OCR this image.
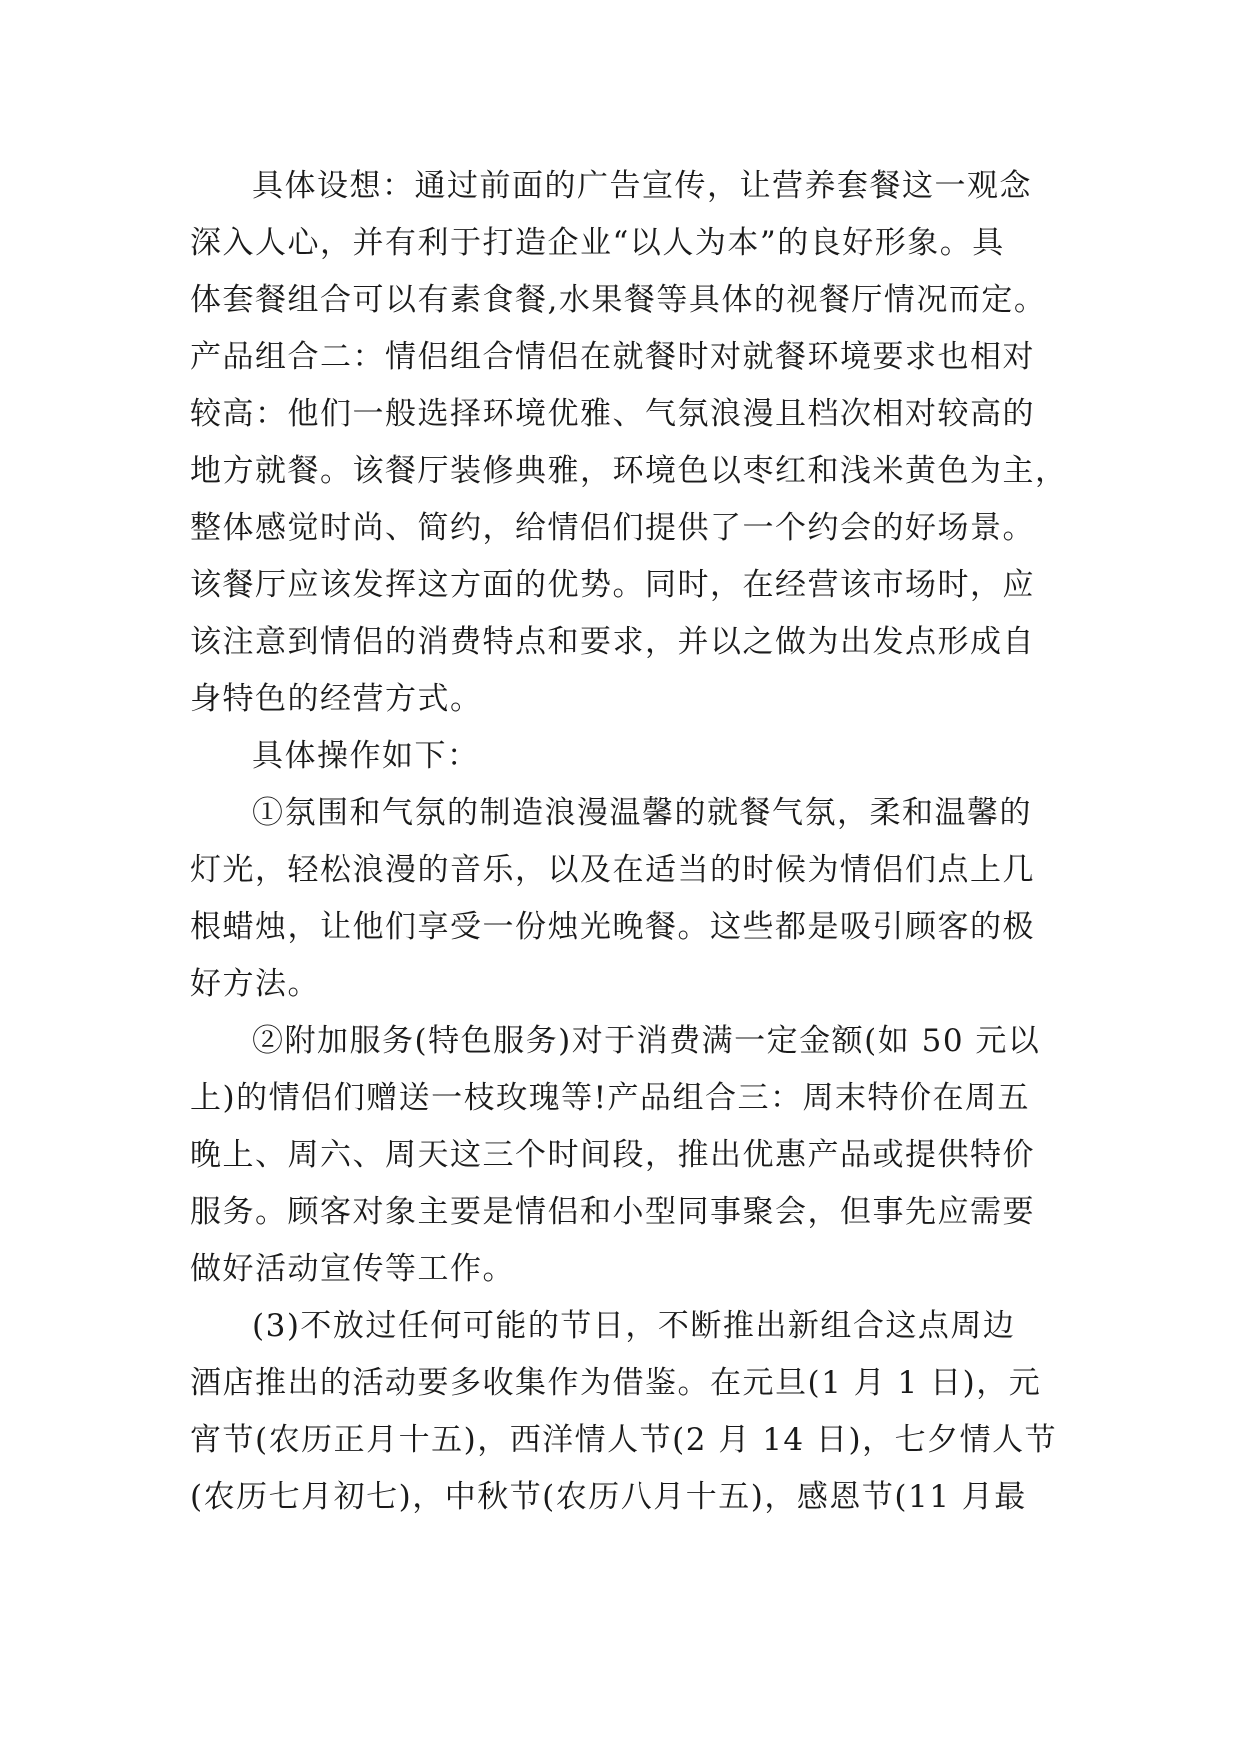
具体设想：通过前面的广告宣传，让营养套餐这一观念
深入人心，并有利于打造企业“以人为本”的良好形象。具
体套餐组合可以有素食餐,水果餐等具体的视餐厅情况而定。
产品组合二：情侣组合情侣在就餐时对就餐环境要求也相对
较高：他们一般选择环境优雅、气氛浪漫且档次相对较高的
地方就餐。该餐厅装修典雅，环境色以枣红和浅米黄色为主，
整体感觉时尚、简约，给情侣们提供了一个约会的好场景。
该餐厅应该发挥这方面的优势。同时，在经营该市场时，应
该注意到情侣的消费特点和要求，并以之做为出发点形成自
身特色的经营方式。
具体操作如下：
①氛围和气氛的制造浪漫温馨的就餐气氛，柔和温馨的
灯光，轻松浪漫的音乐，以及在适当的时候为情侣们点上几
根蜡烛，让他们享受一份烛光晚餐。这些都是吸引顾客的极
好方法。
②附加服务(特色服务)对于消费满一定金额(如 50 元以
上)的情侣们赠送一枝玫瑰等!产品组合三：周末特价在周五
晚上、周六、周天这三个时间段，推出优惠产品或提供特价
服务。顾客对象主要是情侣和小型同事聚会，但事先应需要
做好活动宣传等工作。
(3)不放过任何可能的节日，不断推出新组合这点周边
酒店推出的活动要多收集作为借鉴。在元旦(1 月 1 日)，元
宵节(农历正月十五)，西洋情人节(2 月 14 日)，七夕情人节
(农历七月初七)，中秋节(农历八月十五)，感恩节(11 月最
